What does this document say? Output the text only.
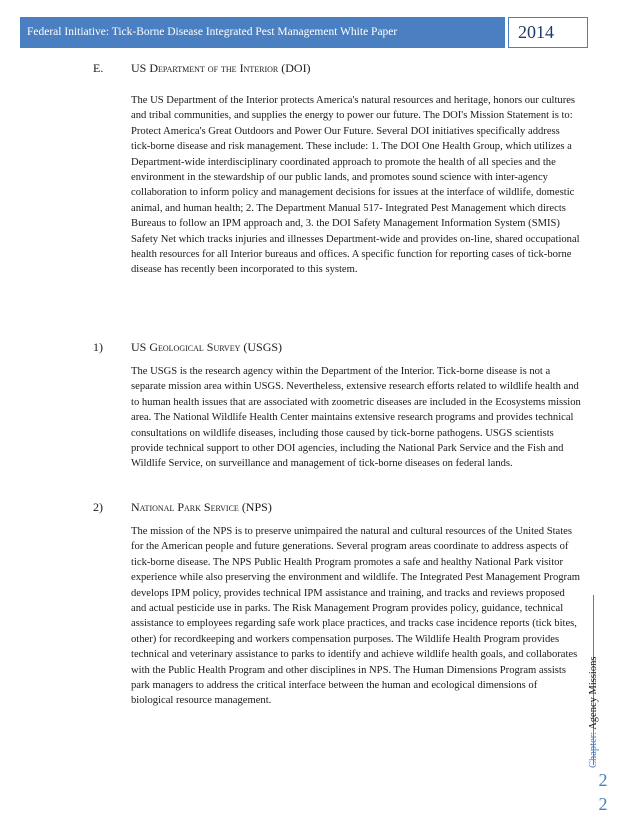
Federal Initiative: Tick-Borne Disease Integrated Pest Management White Paper	2014
E. US Department of the Interior (DOI)

The US Department of the Interior protects America's natural resources and heritage, honors our cultures and tribal communities, and supplies the energy to power our future. The DOI's Mission Statement is to: Protect America's Great Outdoors and Power Our Future. Several DOI initiatives specifically address tick-borne disease and risk management. These include: 1. The DOI One Health Group, which utilizes a Department-wide interdisciplinary coordinated approach to promote the health of all species and the environment in the stewardship of our public lands, and promotes sound science with inter-agency collaboration to inform policy and management decisions for issues at the interface of wildlife, domestic animal, and human health; 2. The Department Manual 517- Integrated Pest Management which directs Bureaus to follow an IPM approach and, 3. the DOI Safety Management Information System (SMIS) Safety Net which tracks injuries and illnesses Department-wide and provides on-line, shared occupational health resources for all Interior bureaus and offices. A specific function for reporting cases of tick-borne disease has recently been incorporated to this system.

1) US Geological Survey (USGS)

The USGS is the research agency within the Department of the Interior. Tick-borne disease is not a separate mission area within USGS. Nevertheless, extensive research efforts related to wildlife health and to human health issues that are associated with zoometric diseases are included in the Ecosystems mission area. The National Wildlife Health Center maintains extensive research programs and provides technical consultations on wildlife diseases, including those caused by tick-borne pathogens. USGS scientists provide technical support to other DOI agencies, including the National Park Service and the Fish and Wildlife Service, on surveillance and management of tick-borne diseases on federal lands.

2) National Park Service (NPS)

The mission of the NPS is to preserve unimpaired the natural and cultural resources of the United States for the American people and future generations. Several program areas coordinate to address aspects of tick-borne disease. The NPS Public Health Program promotes a safe and healthy National Park visitor experience while also preserving the environment and wildlife. The Integrated Pest Management Program develops IPM policy, provides technical IPM assistance and training, and tracks and reviews proposed and actual pesticide use in parks. The Risk Management Program provides policy, guidance, technical assistance to employees regarding safe work place practices, and tracks case incidence reports (tick bites, other) for recordkeeping and workers compensation purposes. The Wildlife Health Program provides technical and veterinary assistance to parks to identify and achieve wildlife health goals, and collaborates with the Public Health Program and other disciplines in NPS. The Human Dimensions Program assists park managers to address the critical interface between the human and ecological dimensions of biological resource management.

Chapter: Agency Missions
22
